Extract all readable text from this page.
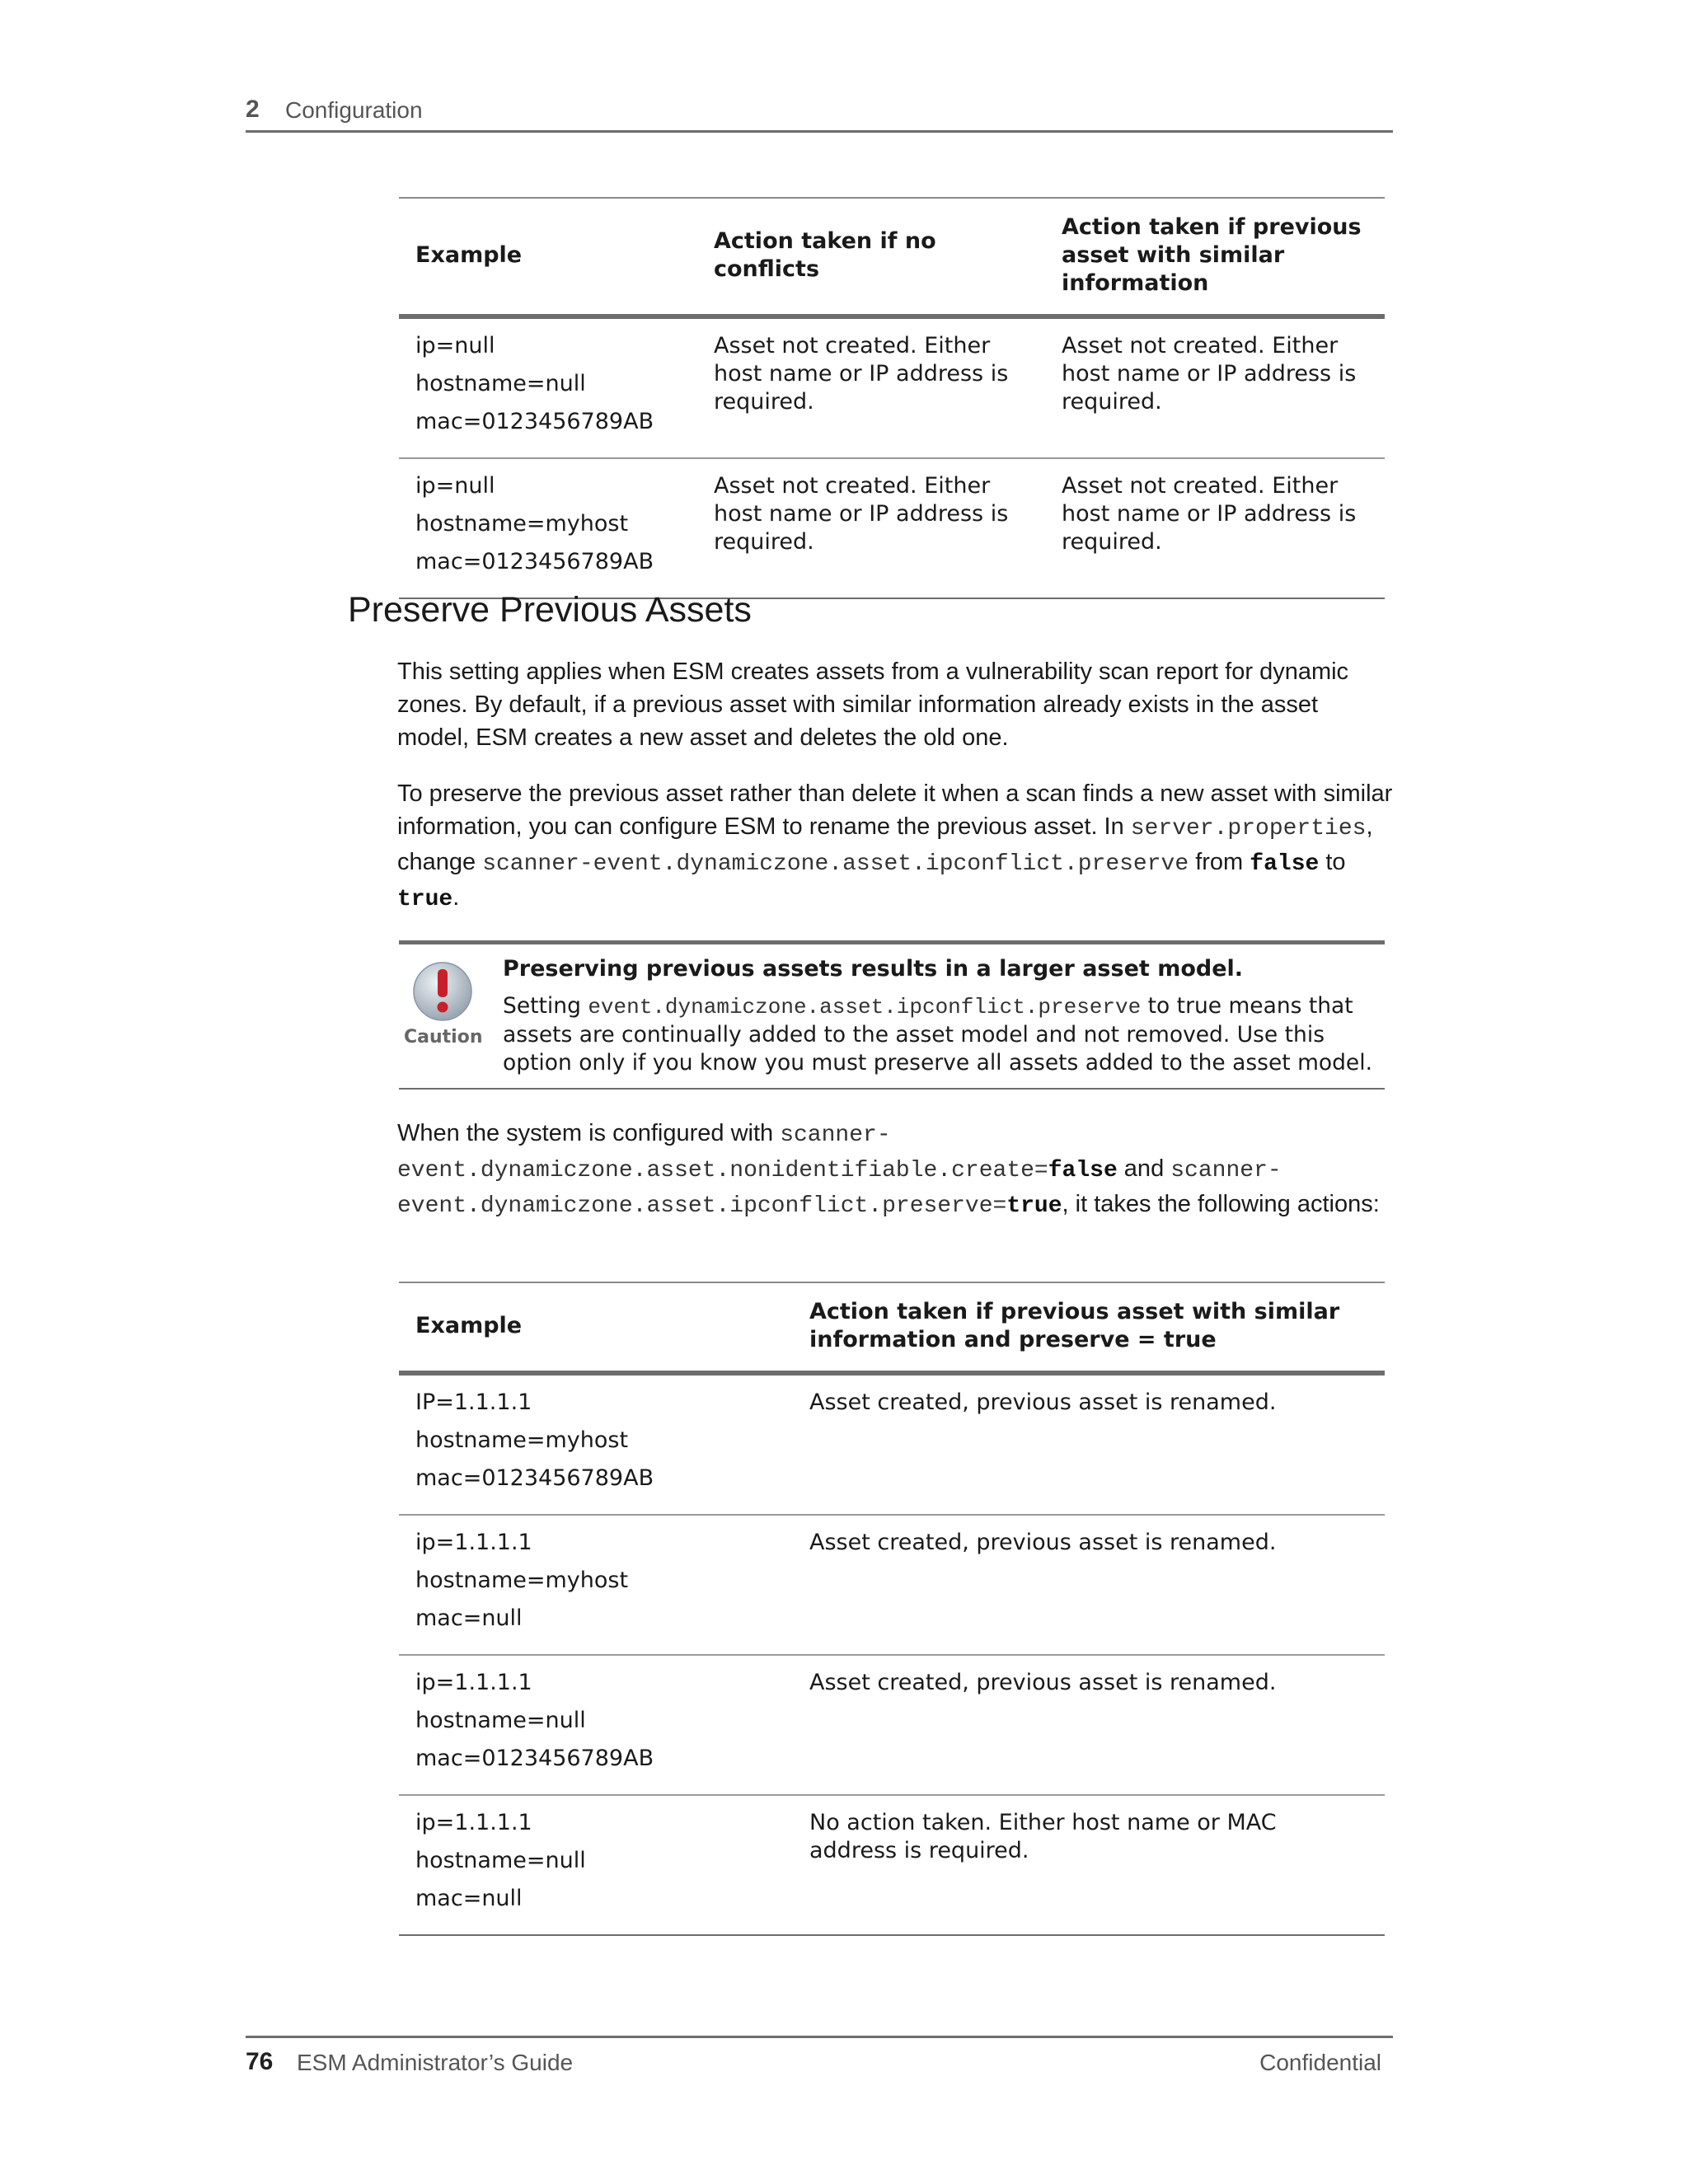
2 Configuration
Example	Action taken if no conflicts	Action taken if previous asset with similar information

ip=null
hostname=null
mac=0123456789AB	Asset not created. Either host name or IP address is required.	Asset not created. Either host name or IP address is required.

ip=null
hostname=myhost
mac=0123456789AB	Asset not created. Either host name or IP address is required.	Asset not created. Either host name or IP address is required.
Preserve Previous Assets

This setting applies when ESM creates assets from a vulnerability scan report for dynamic zones. By default, if a previous asset with similar information already exists in the asset model, ESM creates a new asset and deletes the old one.

To preserve the previous asset rather than delete it when a scan finds a new asset with similar information, you can configure ESM to rename the previous asset. In server.properties, change scanner-event.dynamiczone.asset.ipconflict.preserve from false to true.

Caution
Preserving previous assets results in a larger asset model.

Setting event.dynamiczone.asset.ipconflict.preserve to true means that assets are continually added to the asset model and not removed. Use this option only if you know you must preserve all assets added to the asset model.

When the system is configured with scanner-event.dynamiczone.asset.nonidentifiable.create=false and scanner-event.dynamiczone.asset.ipconflict.preserve=true, it takes the following actions:

Example	Action taken if previous asset with similar information and preserve = true

IP=1.1.1.1
hostname=myhost
mac=0123456789AB	Asset created, previous asset is renamed.

ip=1.1.1.1
hostname=myhost
mac=null	Asset created, previous asset is renamed.

ip=1.1.1.1
hostname=null
mac=0123456789AB	Asset created, previous asset is renamed.

ip=1.1.1.1
hostname=null
mac=null	No action taken. Either host name or MAC address is required.
76 ESM Administrator’s Guide	Confidential
